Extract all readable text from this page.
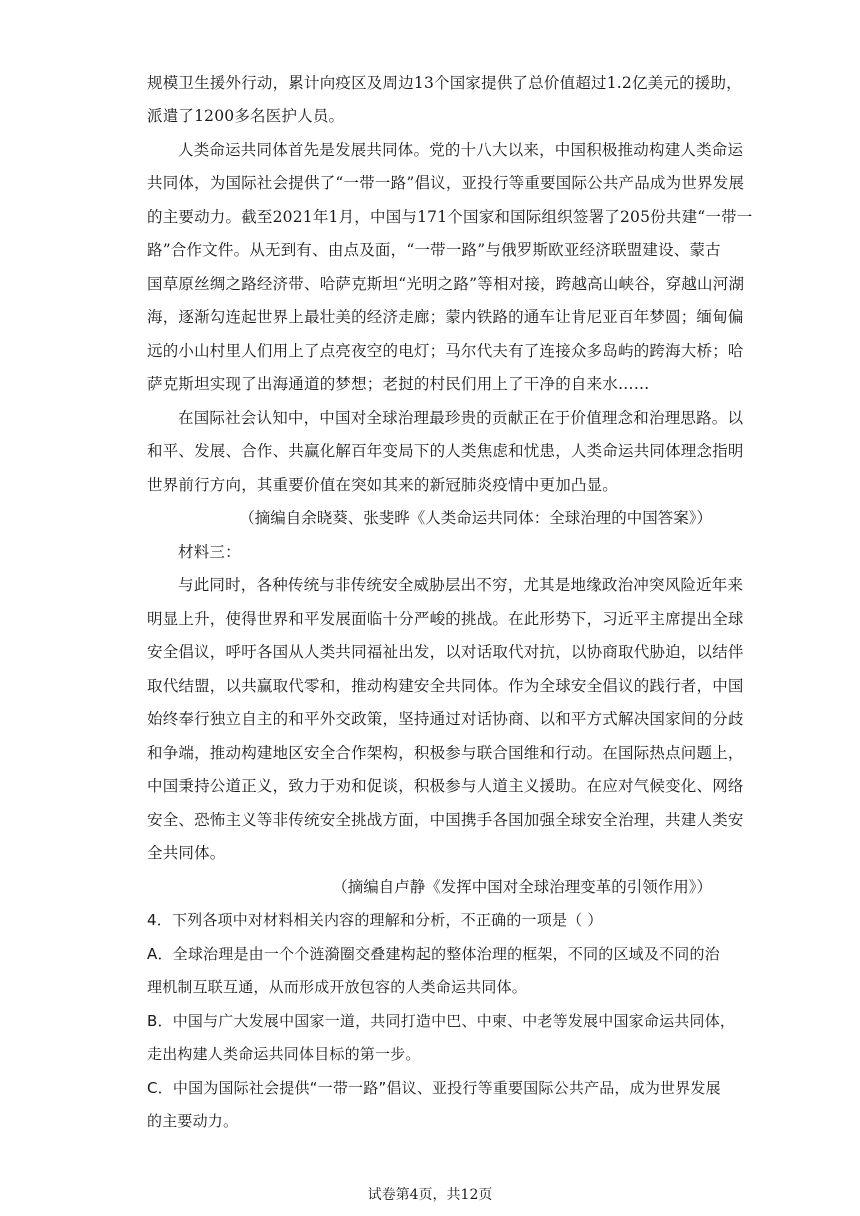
规模卫生援外行动，累计向疫区及周边13个国家提供了总价值超过1.2亿美元的援助，
派遣了1200多名医护人员。
人类命运共同体首先是发展共同体。党的十八大以来，中国积极推动构建人类命运
共同体，为国际社会提供了“一带一路”倡议，亚投行等重要国际公共产品成为世界发展
的主要动力。截至2021年1月，中国与171个国家和国际组织签署了205份共建“一带一
路”合作文件。从无到有、由点及面，“一带一路”与俄罗斯欧亚经济联盟建设、蒙古
国草原丝绸之路经济带、哈萨克斯坦“光明之路”等相对接，跨越高山峡谷，穿越山河湖
海，逐渐勾连起世界上最壮美的经济走廊；蒙内铁路的通车让肯尼亚百年梦圆；缅甸偏
远的小山村里人们用上了点亮夜空的电灯；马尔代夫有了连接众多岛屿的跨海大桥；哈
萨克斯坦实现了出海通道的梦想；老挝的村民们用上了干净的自来水……
在国际社会认知中，中国对全球治理最珍贵的贡献正在于价值理念和治理思路。以
和平、发展、合作、共赢化解百年变局下的人类焦虑和忧患，人类命运共同体理念指明
世界前行方向，其重要价值在突如其来的新冠肺炎疫情中更加凸显。
（摘编自余晓葵、张斐晔《人类命运共同体：全球治理的中国答案》）
材料三：
与此同时，各种传统与非传统安全威胁层出不穷，尤其是地缘政治冲突风险近年来
明显上升，使得世界和平发展面临十分严峻的挑战。在此形势下，习近平主席提出全球
安全倡议，呼吁各国从人类共同福祉出发，以对话取代对抗，以协商取代胁迫，以结伴
取代结盟，以共赢取代零和，推动构建安全共同体。作为全球安全倡议的践行者，中国
始终奉行独立自主的和平外交政策，坚持通过对话协商、以和平方式解决国家间的分歧
和争端，推动构建地区安全合作架构，积极参与联合国维和行动。在国际热点问题上，
中国秉持公道正义，致力于劝和促谈，积极参与人道主义援助。在应对气候变化、网络
安全、恐怖主义等非传统安全挑战方面，中国携手各国加强全球安全治理，共建人类安
全共同体。
（摘编自卢静《发挥中国对全球治理变革的引领作用》）
4．下列各项中对材料相关内容的理解和分析，不正确的一项是（ ）
A．全球治理是由一个个涟漪圈交叠建构起的整体治理的框架，不同的区域及不同的治
理机制互联互通，从而形成开放包容的人类命运共同体。
B．中国与广大发展中国家一道，共同打造中巴、中柬、中老等发展中国家命运共同体，
走出构建人类命运共同体目标的第一步。
C．中国为国际社会提供“一带一路”倡议、亚投行等重要国际公共产品，成为世界发展
的主要动力。
试卷第4页，共12页
